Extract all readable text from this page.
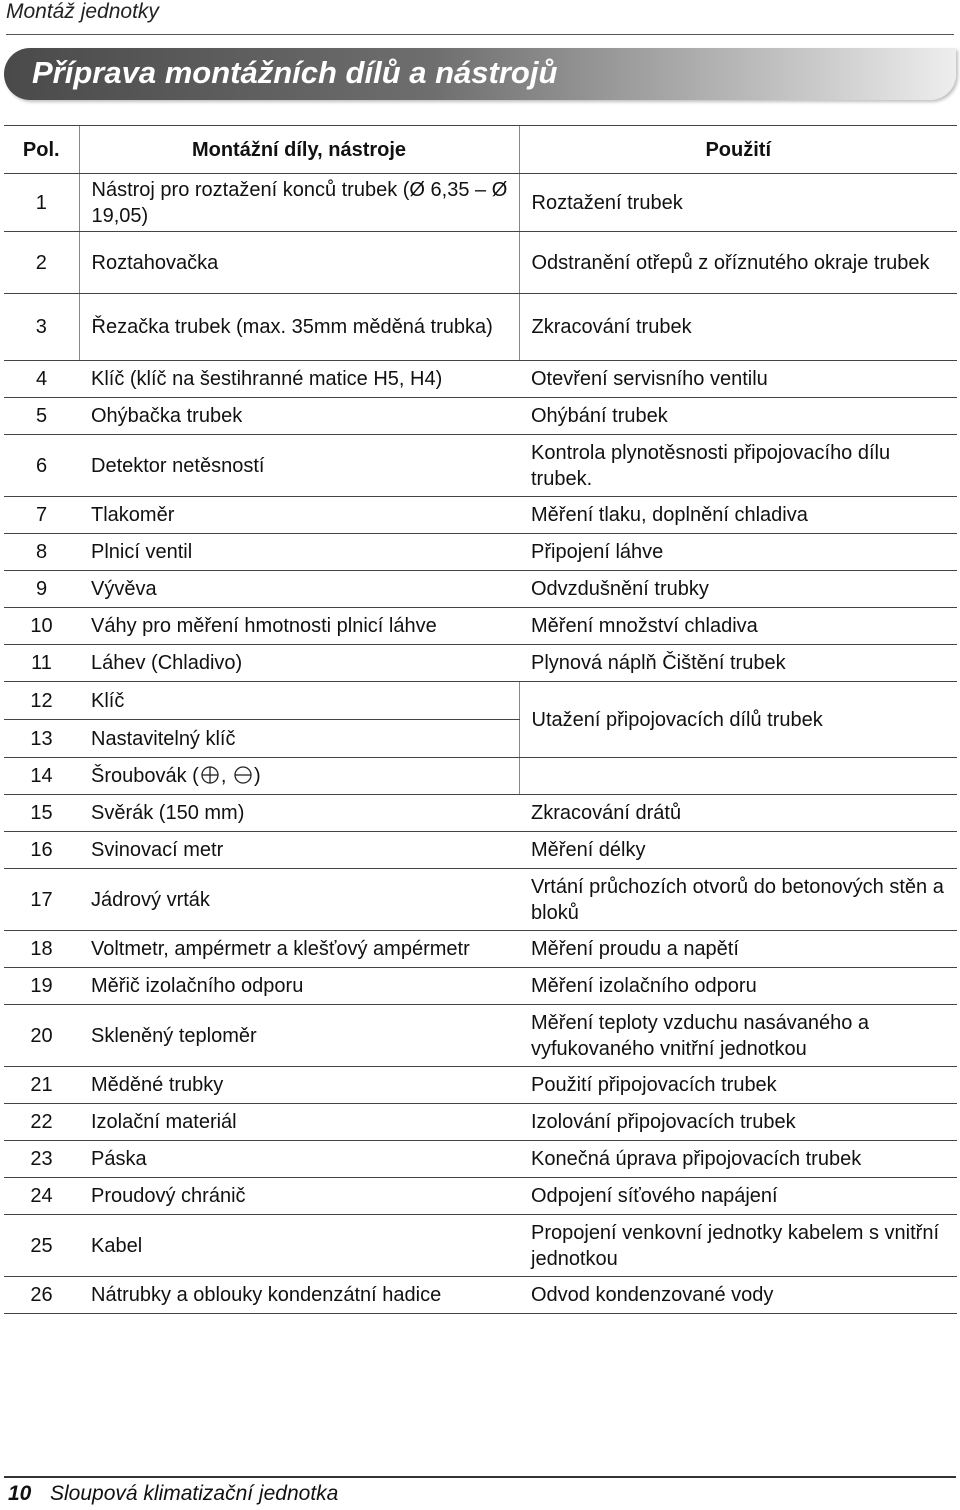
Montáž jednotky
Příprava montážních dílů a nástrojů
Pol.	Montážní díly, nástroje	Použití
1	Nástroj pro roztažení konců trubek (Ø 6,35 – Ø 19,05)	Roztažení trubek
2	Roztahovačka	Odstranění otřepů z oříznutého okraje trubek
3	Řezačka trubek (max. 35mm měděná trubka)	Zkracování trubek
4	Klíč (klíč na šestihranné matice H5, H4)	Otevření servisního ventilu
5	Ohýbačka trubek	Ohýbání trubek
6	Detektor netěsností	Kontrola plynotěsnosti připojovacího dílu trubek.
7	Tlakoměr	Měření tlaku, doplnění chladiva
8	Plnicí ventil	Připojení láhve
9	Vývěva	Odvzdušnění trubky
10	Váhy pro měření hmotnosti plnicí láhve	Měření množství chladiva
11	Láhev (Chladivo)	Plynová náplň Čištění trubek
12	Klíč	Utažení připojovacích dílů trubek
13	Nastavitelný klíč	
14	Šroubovák ( , )	
15	Svěrák (150 mm)	Zkracování drátů
16	Svinovací metr	Měření délky
17	Jádrový vrták	Vrtání průchozích otvorů do betonových stěn a bloků
18	Voltmetr, ampérmetr a klešťový ampérmetr	Měření proudu a napětí
19	Měřič izolačního odporu	Měření izolačního odporu
20	Skleněný teploměr	Měření teploty vzduchu nasávaného a vyfukovaného vnitřní jednotkou
21	Měděné trubky	Použití připojovacích trubek
22	Izolační materiál	Izolování připojovacích trubek
23	Páska	Konečná úprava připojovacích trubek
24	Proudový chránič	Odpojení síťového napájení
25	Kabel	Propojení venkovní jednotky kabelem s vnitřní jednotkou
26	Nátrubky a oblouky kondenzátní hadice	Odvod kondenzované vody
10 Sloupová klimatizační jednotka
